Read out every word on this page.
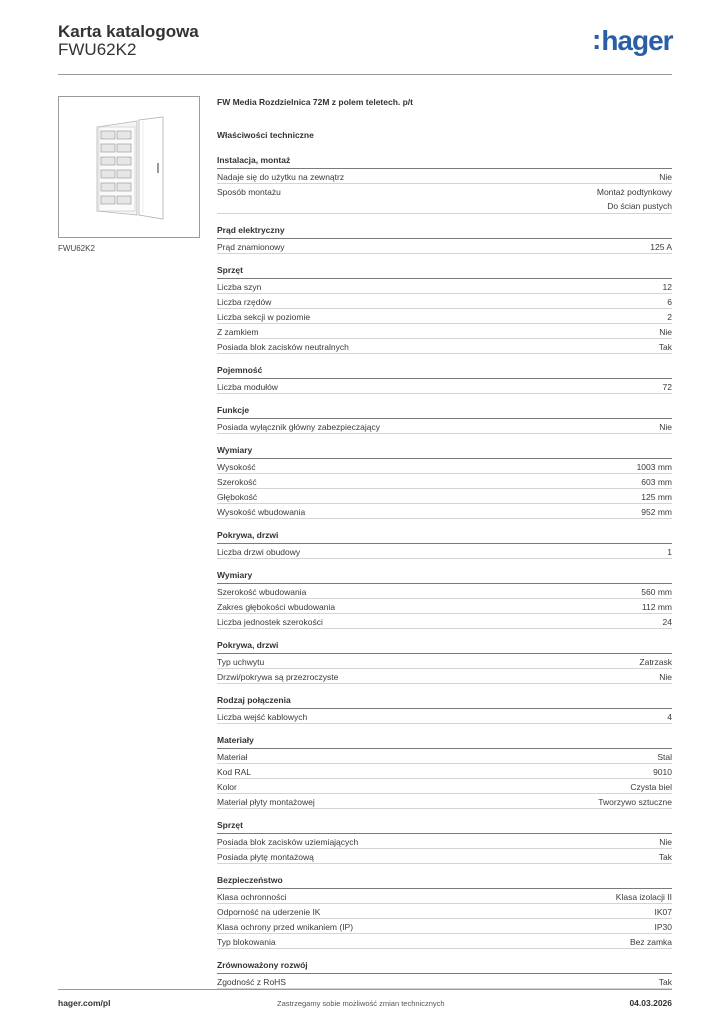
Karta katalogowa
FWU62K2	:hager
FWU62K2
FW Media Rozdzielnica 72M z polem teletech. p/t
Właściwości techniczne
Instalacja, montaż
Nadaje się do użytku na zewnątrz	Nie
Sposób montażu	Montaż podtynkowy
Do ścian pustych
Prąd elektryczny
Prąd znamionowy	125 A
Sprzęt
Liczba szyn	12
Liczba rzędów	6
Liczba sekcji w poziomie	2
Z zamkiem	Nie
Posiada blok zacisków neutralnych	Tak
Pojemność
Liczba modułów	72
Funkcje
Posiada wyłącznik główny zabezpieczający	Nie
Wymiary
Wysokość	1003 mm
Szerokość	603 mm
Głębokość	125 mm
Wysokość wbudowania	952 mm
Pokrywa, drzwi
Liczba drzwi obudowy	1
Wymiary
Szerokość wbudowania	560 mm
Zakres głębokości wbudowania	112 mm
Liczba jednostek szerokości	24
Pokrywa, drzwi
Typ uchwytu	Zatrzask
Drzwi/pokrywa są przezroczyste	Nie
Rodzaj połączenia
Liczba wejść kablowych	4
Materiały
Materiał	Stal
Kod RAL	9010
Kolor	Czysta biel
Materiał płyty montażowej	Tworzywo sztuczne
Sprzęt
Posiada blok zacisków uziemiających	Nie
Posiada płytę montażową	Tak
Bezpieczeństwo
Klasa ochronności	Klasa izolacji II
Odporność na uderzenie IK	IK07
Klasa ochrony przed wnikaniem (IP)	IP30
Typ blokowania	Bez zamka
Zrównoważony rozwój
Zgodność z RoHS	Tak
hager.com/pl	Zastrzegamy sobie możliwość zmian technicznych	04.03.2026
